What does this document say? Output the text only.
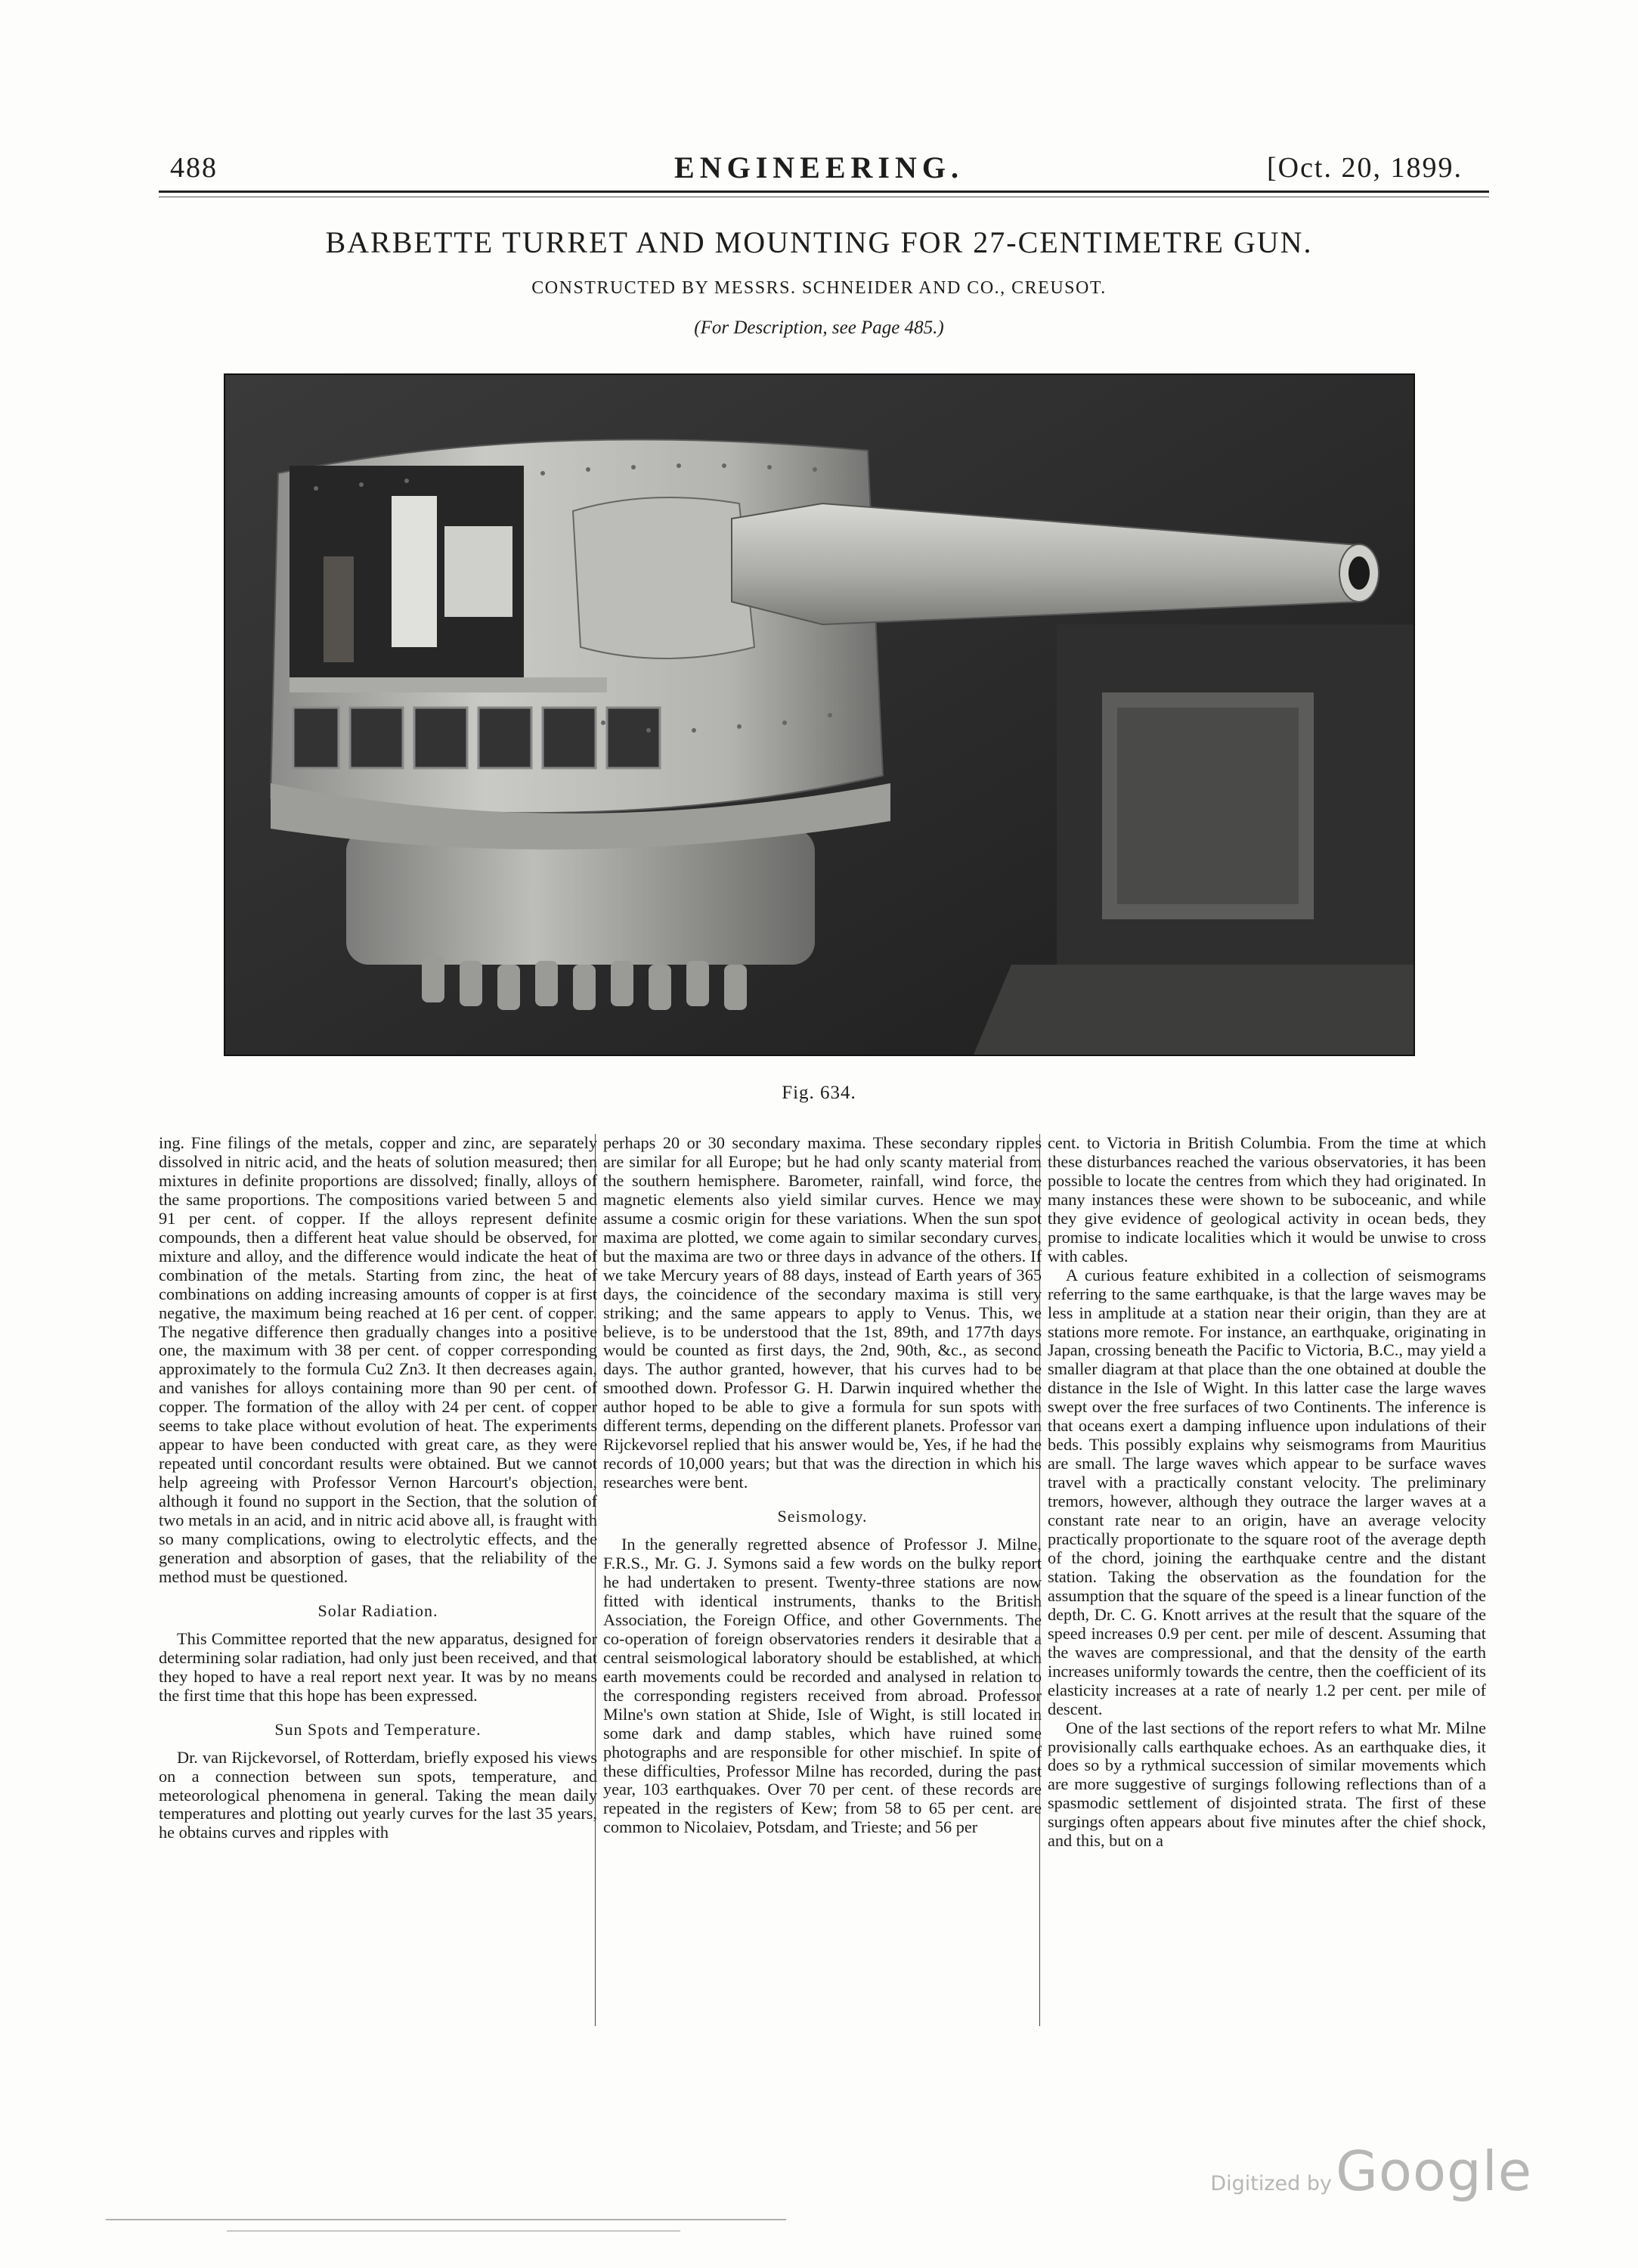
488	ENGINEERING.	[Oct. 20, 1899.
BARBETTE TURRET AND MOUNTING FOR 27-CENTIMETRE GUN.
CONSTRUCTED BY MESSRS. SCHNEIDER AND CO., CREUSOT.
(For Description, see Page 485.)
Fig. 634.

ing. Fine filings of the metals, copper and zinc, are separately dissolved in nitric acid, and the heats of solution measured; then mixtures in definite proportions are dissolved; finally, alloys of the same proportions. The compositions varied between 5 and 91 per cent. of copper. If the alloys represent definite compounds, then a different heat value should be observed, for mixture and alloy, and the difference would indicate the heat of combination of the metals. Starting from zinc, the heat of combinations on adding increasing amounts of copper is at first negative, the maximum being reached at 16 per cent. of copper. The negative difference then gradually changes into a positive one, the maximum with 38 per cent. of copper corresponding approximately to the formula Cu2 Zn3. It then decreases again, and vanishes for alloys containing more than 90 per cent. of copper. The formation of the alloy with 24 per cent. of copper seems to take place without evolution of heat. The experiments appear to have been conducted with great care, as they were repeated until concordant results were obtained. But we cannot help agreeing with Professor Vernon Harcourt's objection, although it found no support in the Section, that the solution of two metals in an acid, and in nitric acid above all, is fraught with so many complications, owing to electrolytic effects, and the generation and absorption of gases, that the reliability of the method must be questioned.

Solar Radiation.

This Committee reported that the new apparatus, designed for determining solar radiation, had only just been received, and that they hoped to have a real report next year. It was by no means the first time that this hope has been expressed.

Sun Spots and Temperature.

Dr. van Rijckevorsel, of Rotterdam, briefly exposed his views on a connection between sun spots, temperature, and meteorological phenomena in general. Taking the mean daily temperatures and plotting out yearly curves for the last 35 years, he obtains curves and ripples with

perhaps 20 or 30 secondary maxima. These secondary ripples are similar for all Europe; but he had only scanty material from the southern hemisphere. Barometer, rainfall, wind force, the magnetic elements also yield similar curves. Hence we may assume a cosmic origin for these variations. When the sun spot maxima are plotted, we come again to similar secondary curves, but the maxima are two or three days in advance of the others. If we take Mercury years of 88 days, instead of Earth years of 365 days, the coincidence of the secondary maxima is still very striking; and the same appears to apply to Venus. This, we believe, is to be understood that the 1st, 89th, and 177th days would be counted as first days, the 2nd, 90th, &c., as second days. The author granted, however, that his curves had to be smoothed down. Professor G. H. Darwin inquired whether the author hoped to be able to give a formula for sun spots with different terms, depending on the different planets. Professor van Rijckevorsel replied that his answer would be, Yes, if he had the records of 10,000 years; but that was the direction in which his researches were bent.

Seismology.

In the generally regretted absence of Professor J. Milne, F.R.S., Mr. G. J. Symons said a few words on the bulky report he had undertaken to present. Twenty-three stations are now fitted with identical instruments, thanks to the British Association, the Foreign Office, and other Governments. The co-operation of foreign observatories renders it desirable that a central seismological laboratory should be established, at which earth movements could be recorded and analysed in relation to the corresponding registers received from abroad. Professor Milne's own station at Shide, Isle of Wight, is still located in some dark and damp stables, which have ruined some photographs and are responsible for other mischief. In spite of these difficulties, Professor Milne has recorded, during the past year, 103 earthquakes. Over 70 per cent. of these records are repeated in the registers of Kew; from 58 to 65 per cent. are common to Nicolaiev, Potsdam, and Trieste; and 56 per

cent. to Victoria in British Columbia. From the time at which these disturbances reached the various observatories, it has been possible to locate the centres from which they had originated. In many instances these were shown to be suboceanic, and while they give evidence of geological activity in ocean beds, they promise to indicate localities which it would be unwise to cross with cables.

A curious feature exhibited in a collection of seismograms referring to the same earthquake, is that the large waves may be less in amplitude at a station near their origin, than they are at stations more remote. For instance, an earthquake, originating in Japan, crossing beneath the Pacific to Victoria, B.C., may yield a smaller diagram at that place than the one obtained at double the distance in the Isle of Wight. In this latter case the large waves swept over the free surfaces of two Continents. The inference is that oceans exert a damping influence upon indulations of their beds. This possibly explains why seismograms from Mauritius are small. The large waves which appear to be surface waves travel with a practically constant velocity. The preliminary tremors, however, although they outrace the larger waves at a constant rate near to an origin, have an average velocity practically proportionate to the square root of the average depth of the chord, joining the earthquake centre and the distant station. Taking the observation as the foundation for the assumption that the square of the speed is a linear function of the depth, Dr. C. G. Knott arrives at the result that the square of the speed increases 0.9 per cent. per mile of descent. Assuming that the waves are compressional, and that the density of the earth increases uniformly towards the centre, then the coefficient of its elasticity increases at a rate of nearly 1.2 per cent. per mile of descent.

One of the last sections of the report refers to what Mr. Milne provisionally calls earthquake echoes. As an earthquake dies, it does so by a rythmical succession of similar movements which are more suggestive of surgings following reflections than of a spasmodic settlement of disjointed strata. The first of these surgings often appears about five minutes after the chief shock, and this, but on a

Digitized by Google
